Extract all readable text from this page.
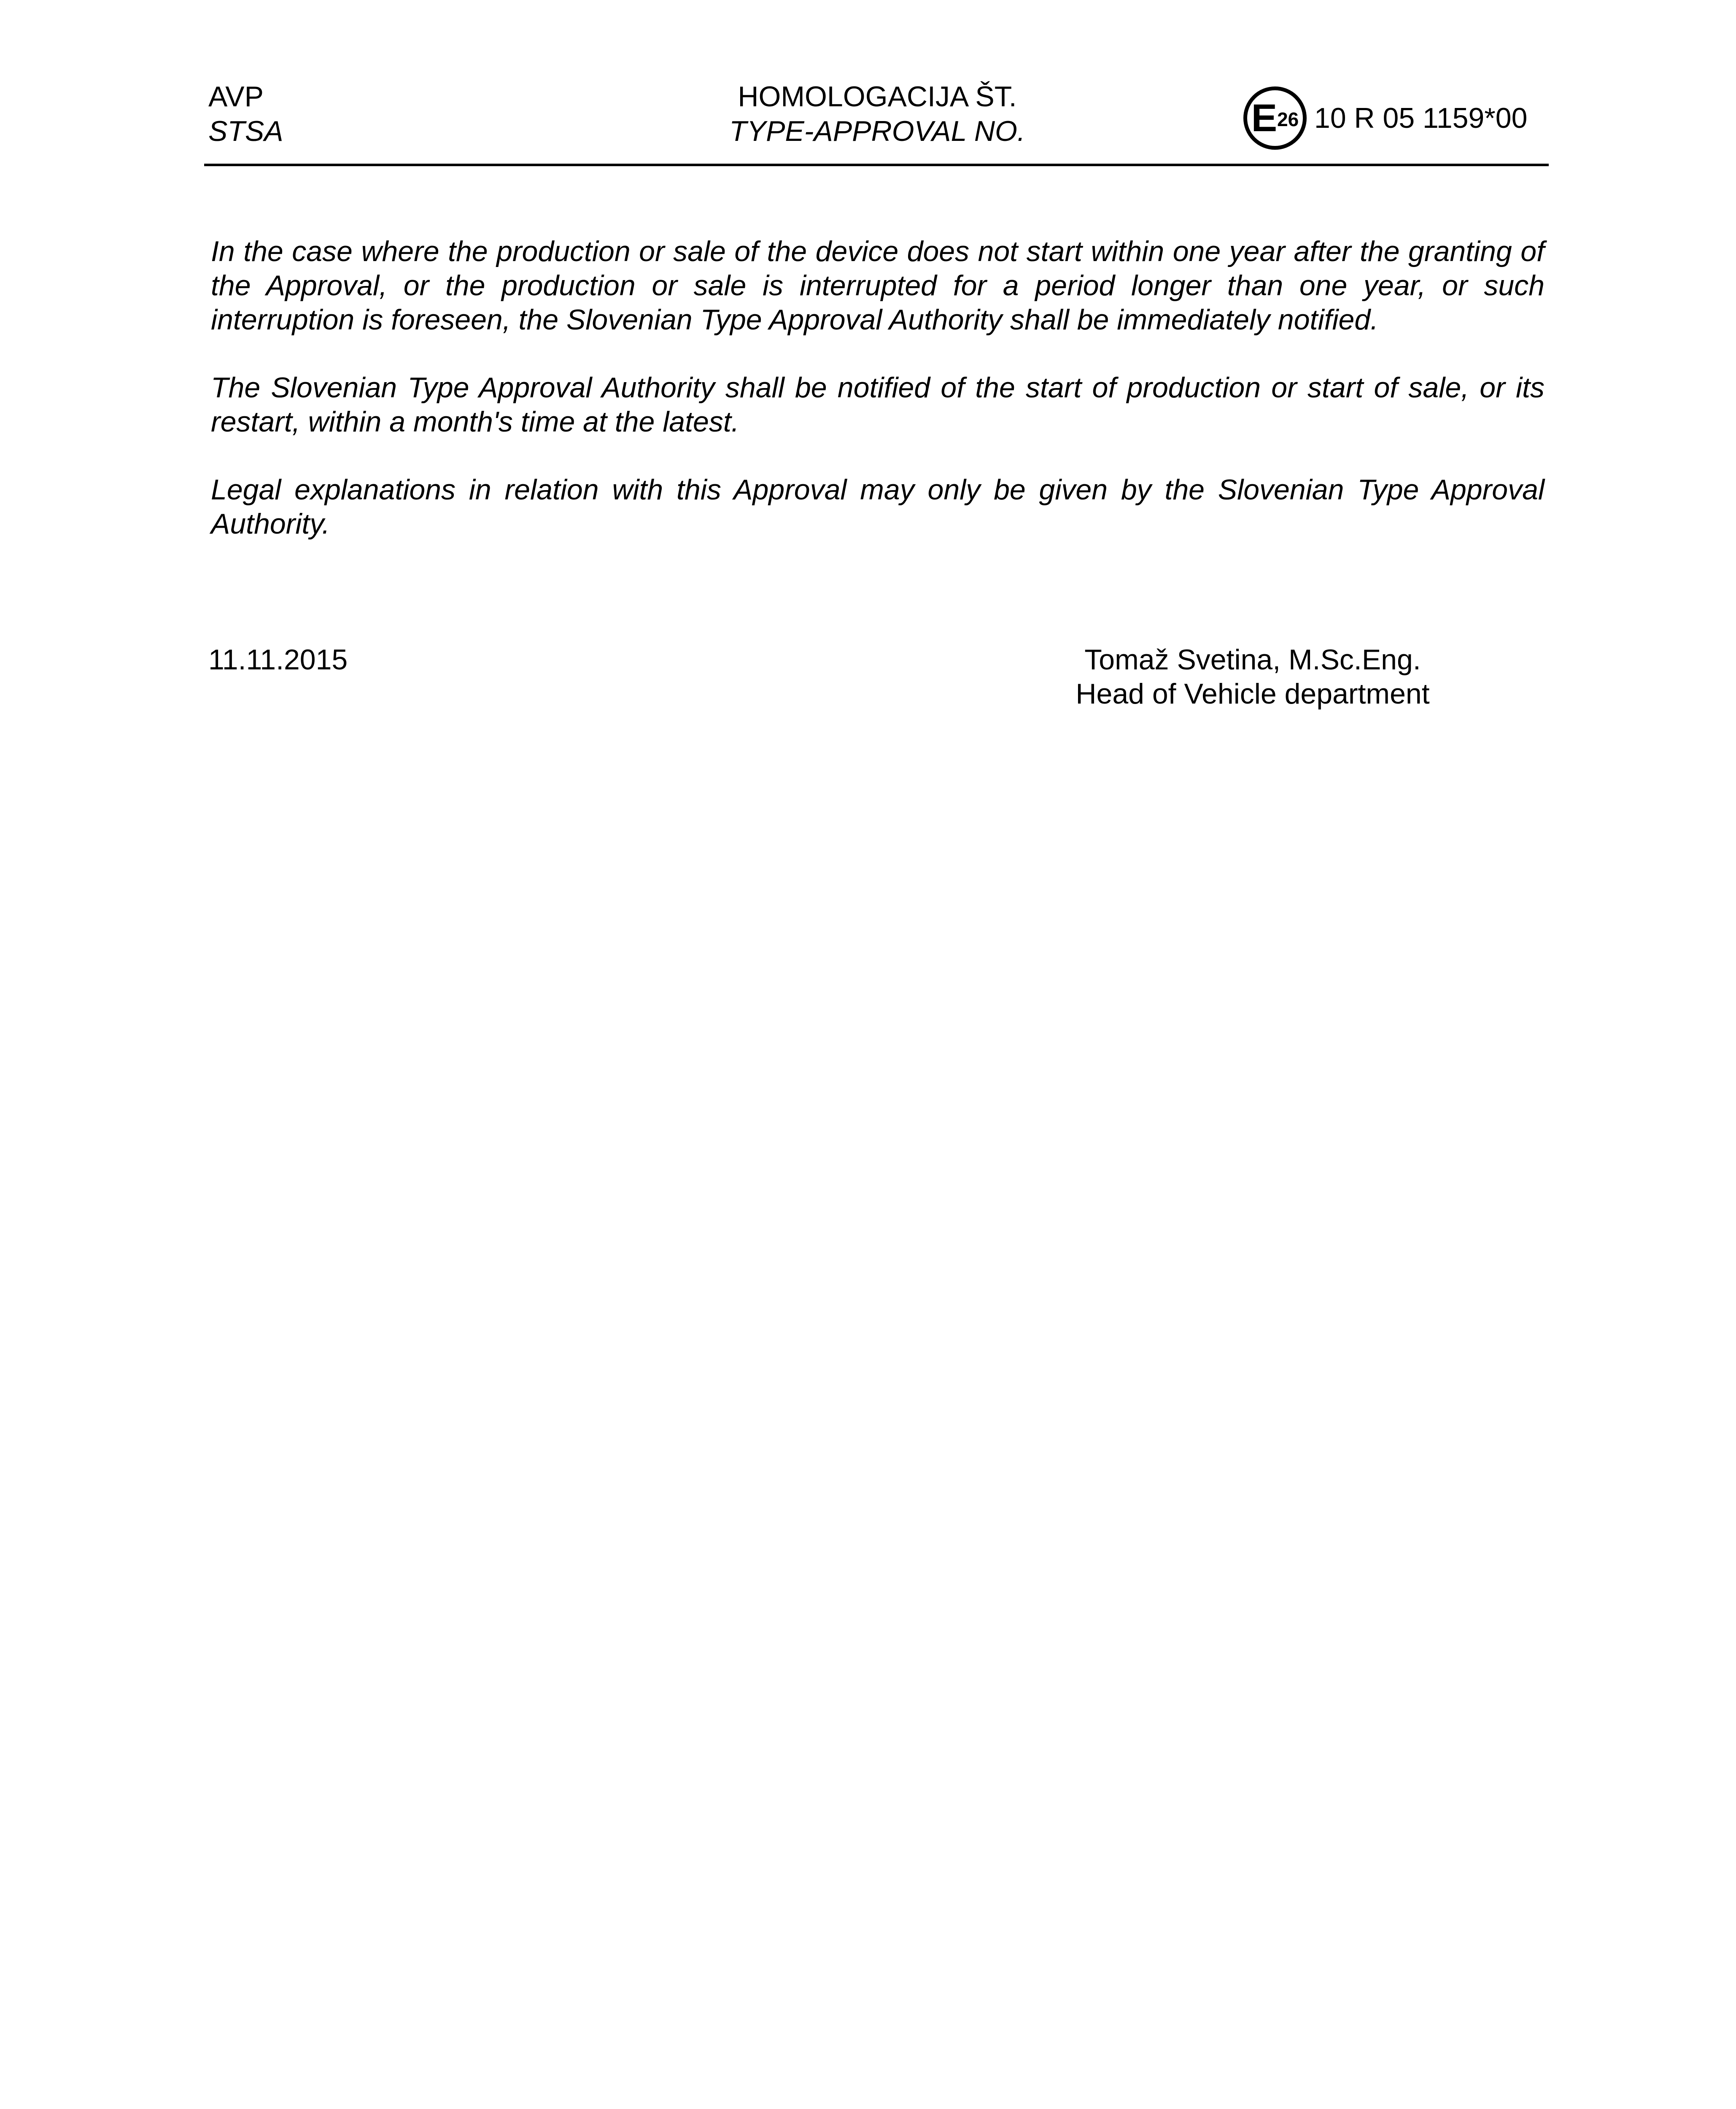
AVP
STSA
HOMOLOGACIJA ŠT.
TYPE-APPROVAL NO.	E 26 10 R 05 1159*00

In the case where the production or sale of the device does not start within one year after the granting of the Approval, or the production or sale is interrupted for a period longer than one year, or such interruption is foreseen, the Slovenian Type Approval Authority shall be immediately notified.

The Slovenian Type Approval Authority shall be notified of the start of production or start of sale, or its restart, within a month's time at the latest.

Legal explanations in relation with this Approval may only be given by the Slovenian Type Approval Authority.

11.11.2015	Tomaž Svetina, M.Sc.Eng.
Head of Vehicle department
